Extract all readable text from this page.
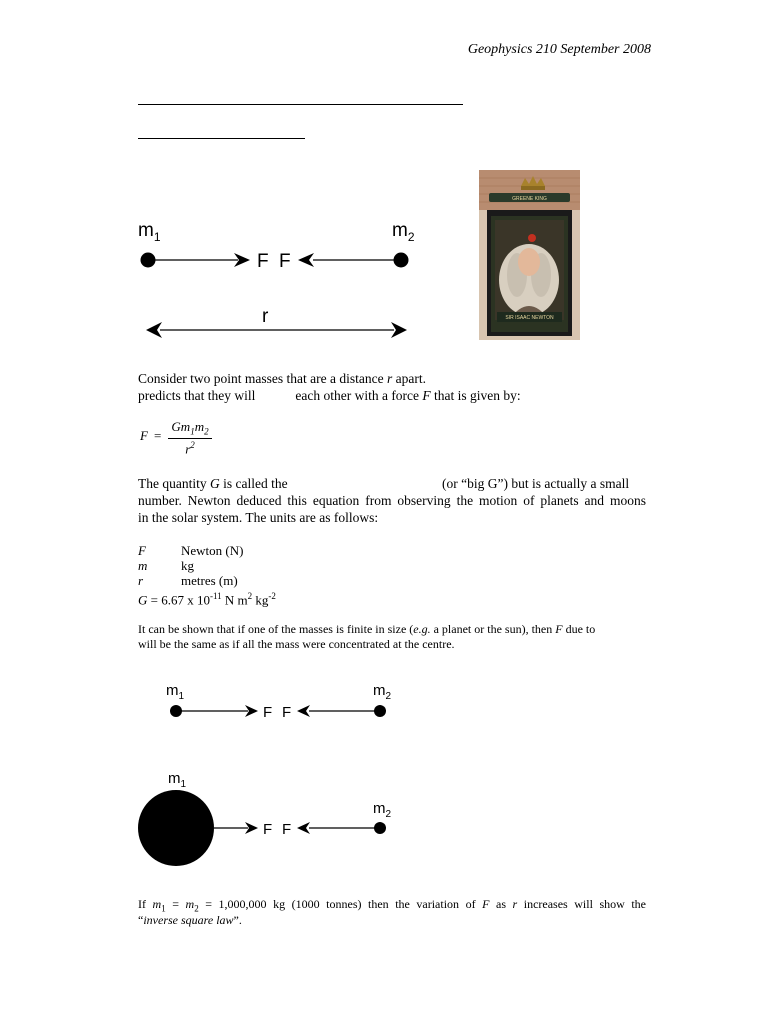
Geophysics 210 September 2008
$m_1$	$m_2$
F F
r
GREENE KING
SIR ISAAC NEWTON
Consider two point masses that are a distance r apart.
predicts that they will	each other with a force F that is given by:
$F = \frac{Gm_1m_2}{r^2}$
The quantity G is called the	(or “big G”) but is actually a small
number. Newton deduced this equation from observing the motion of planets and moons
in the solar system. The units are as follows:
F	Newton (N)
m	kg
r	metres (m)
G = 6.67 x $10^{-11}$ N $m^2$ $kg^{-2}$
It can be shown that if one of the masses is finite in size (e.g. a planet or the sun), then F due to
will be the same as if all the mass were concentrated at the centre.
$m_1$	$m_2$
F F
$m_1$
$m_2$
F F
If $m_1 = m_2 = 1,000,000$ kg (1000 tonnes) then the variation of F as r increases will show the
“inverse square law”.
